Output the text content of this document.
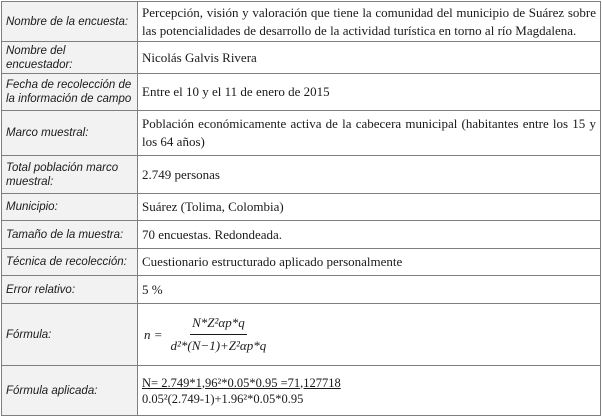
Nombre de la encuesta:	Percepción, visión y valoración que tiene la comunidad del municipio de Suárez sobre las potencialidades de desarrollo de la actividad turística en torno al río Magdalena.
Nombre del encuestador:	Nicolás Galvis Rivera
Fecha de recolección de la información de campo	Entre el 10 y el 11 de enero de 2015
Marco muestral:	Población económicamente activa de la cabecera municipal (habitantes entre los 15 y los 64 años)
Total población marco muestral:	2.749 personas
Municipio:	Suárez (Tolima, Colombia)
Tamaño de la muestra:	70 encuestas. Redondeada.
Técnica de recolección:	Cuestionario estructurado aplicado personalmente
Error relativo:	5 %
Fórmula:	$n = \frac{\text{N*Z²αp*q}}{\text{d²*(N−1)+Z²αp*q}}$

Fórmula aplicada:	N= 2.749*1,96²*0.05*0.95 =71,127718
0.05²(2.749-1)+1.96²*0.05*0.95
